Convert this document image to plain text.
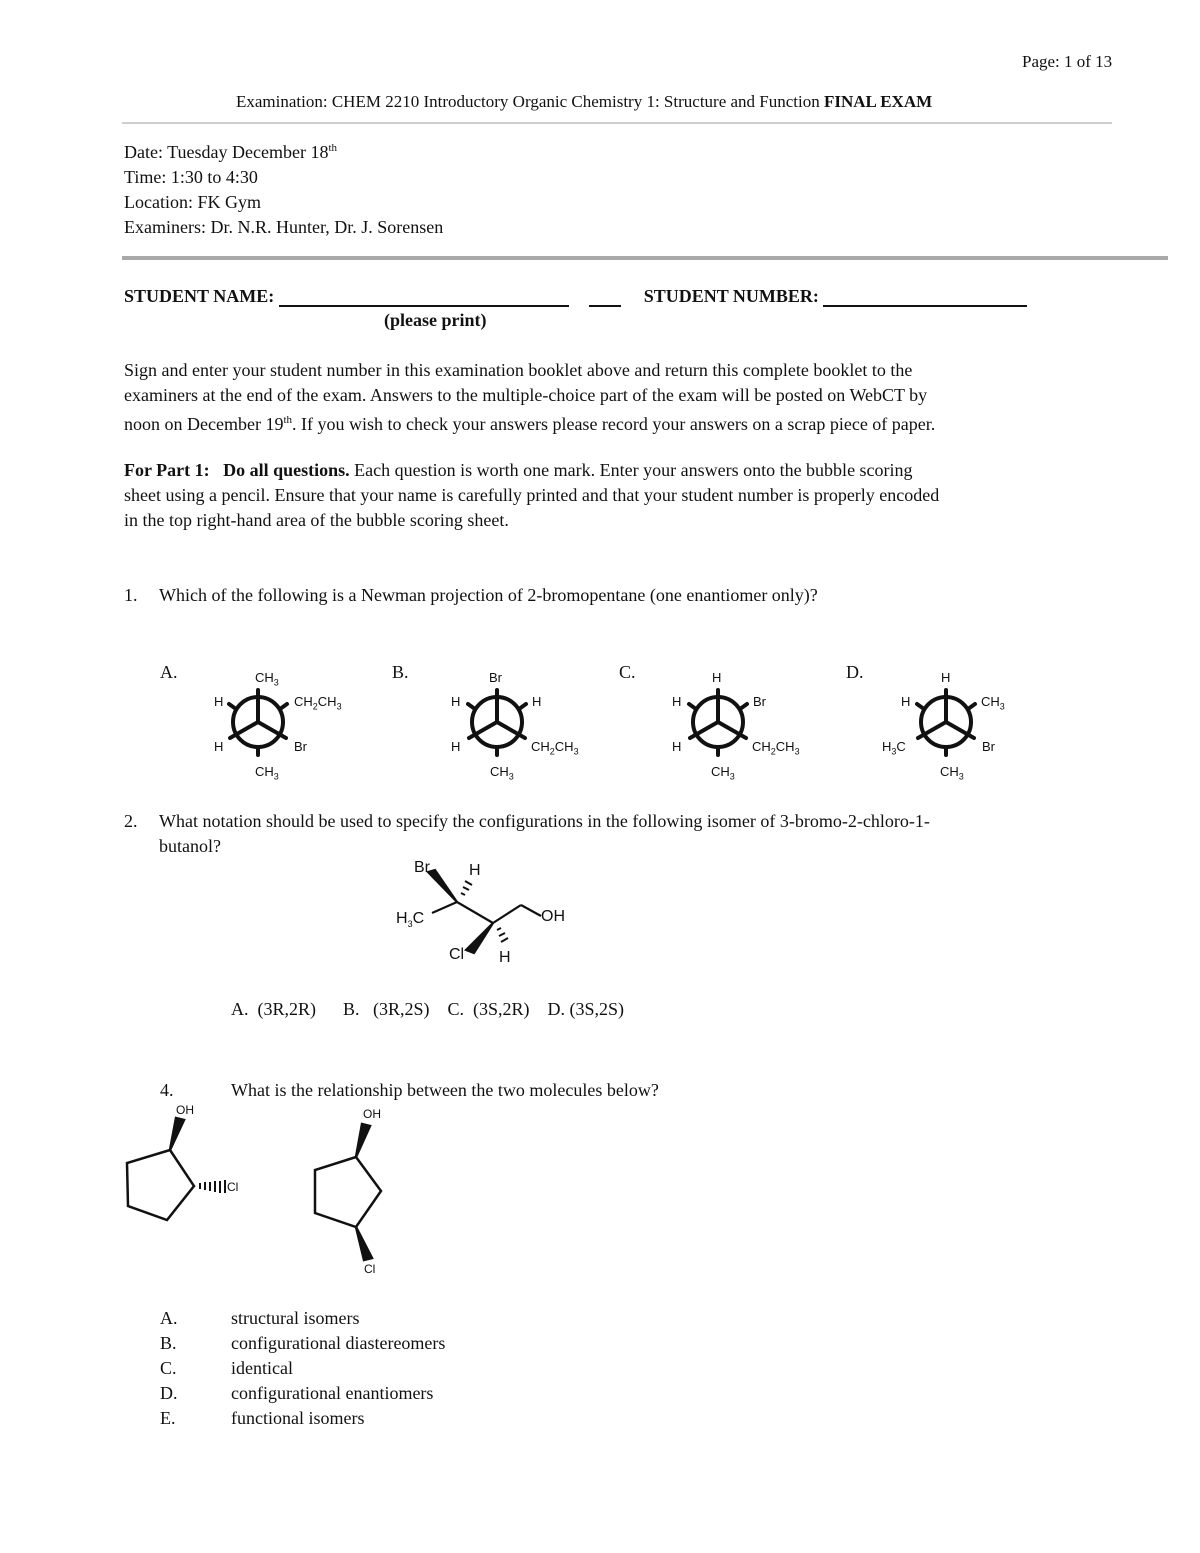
Page: 1 of 13
Examination: CHEM 2210 Introductory Organic Chemistry 1: Structure and Function FINAL EXAM
Date: Tuesday December 18th
Time: 1:30 to 4:30
Location: FK Gym
Examiners: Dr. N.R. Hunter, Dr. J. Sorensen
STUDENT NAME:	STUDENT NUMBER:
(please print)
Sign and enter your student number in this examination booklet above and return this complete booklet to the
examiners at the end of the exam. Answers to the multiple-choice part of the exam will be posted on WebCT by
noon on December 19th. If you wish to check your answers please record your answers on a scrap piece of paper.
For Part 1: Do all questions. Each question is worth one mark. Enter your answers onto the bubble scoring
sheet using a pencil. Ensure that your name is carefully printed and that your student number is properly encoded
in the top right-hand area of the bubble scoring sheet.
1. Which of the following is a Newman projection of 2-bromopentane (one enantiomer only)?
A.	B.	C.	D.
$CH_3$
H	$CH_2CH_3$
H	Br
$CH_3$
Br
H	H
H	$CH_2CH_3$
$CH_3$
H
H	Br
H	$CH_2CH_3$
$CH_3$
H
H	$CH_3$
$H_3C$	Br
$CH_3$
2. What notation should be used to specify the configurations in the following isomer of 3-bromo-2-chloro-1-
butanol?
Br H
$H_3C$	OH
Cl H
A.  (3R,2R)      B.   (3R,2S)    C.  (3S,2R)    D. (3S,2S)
4.	What is the relationship between the two molecules below?
OH
Cl
OH
Cl
A.	structural isomers
B.	configurational diastereomers
C.	identical
D.	configurational enantiomers
E.	functional isomers
